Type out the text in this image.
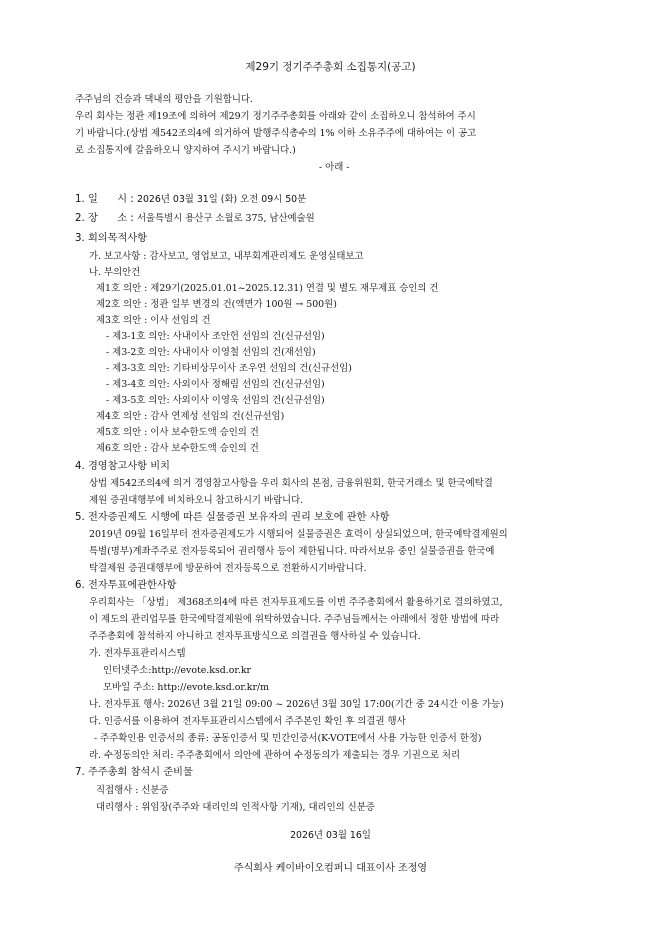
제29기 정기주주총회 소집통지(공고)
주주님의 건승과 댁내의 평안을 기원합니다.
우리 회사는 정관 제19조에 의하여 제29기 정기주주총회를 아래와 같이 소집하오니 참석하여 주시
기 바랍니다.(상법 제542조의4에 의거하여 발행주식총수의 1% 이하 소유주주에 대하여는 이 공고
로 소집통지에 갈음하오니 양지하여 주시기 바랍니다.)
- 아래 -
1. 일      시 : 2026년 03월 31일 (화) 오전 09시 50분
2. 장      소 : 서울특별시 용산구 소월로 375, 남산예술원
3. 회의목적사항
가. 보고사항 : 감사보고, 영업보고, 내부회계관리제도 운영실태보고
나. 부의안건
제1호 의안 : 제29기(2025.01.01~2025.12.31) 연결 및 별도 재무제표 승인의 건
제2호 의안 : 정관 일부 변경의 건(액면가 100원 → 500원)
제3호 의안 : 이사 선임의 건
- 제3-1호 의안: 사내이사 조안헌 선임의 건(신규선임)
- 제3-2호 의안: 사내이사 이영철 선임의 건(재선임)
- 제3-3호 의안: 기타비상무이사 조우연 선임의 건(신규선임)
- 제3-4호 의안: 사외이사 정해림 선임의 건(신규선임)
- 제3-5호 의안: 사외이사 이영욱 선임의 건(신규선임)
제4호 의안 : 감사 연제성 선임의 건(신규선임)
제5호 의안 : 이사 보수한도액 승인의 건
제6호 의안 : 감사 보수한도액 승인의 건
4. 경영참고사항 비치
상법 제542조의4에 의거 경영참고사항을 우리 회사의 본점, 금융위원회, 한국거래소 및 한국예탁결
제원 증권대행부에 비치하오니 참고하시기 바랍니다.
5. 전자증권제도 시행에 따른 실물증권 보유자의 권리 보호에 관한 사항
2019년 09월 16일부터 전자증권제도가 시행되어 실물증권은 효력이 상실되었으며, 한국예탁결제원의
특별(명부)계좌주주로 전자등록되어 권리행사 등이 제한됩니다. 따라서보유 중인 실물증권을 한국예
탁결제원 증권대행부에 방문하여 전자등록으로 전환하시기바랍니다.
6. 전자투표에관한사항
우리회사는 「상법」 제368조의4에 따른 전자투표제도를 이번 주주총회에서 활용하기로 결의하였고,
이 제도의 관리업무를 한국예탁결제원에 위탁하였습니다. 주주님들께서는 아래에서 정한 방법에 따라
주주총회에 참석하지 아니하고 전자투표방식으로 의결권을 행사하실 수 있습니다.
가. 전자투표관리시스템
인터넷주소:http://evote.ksd.or.kr
모바일 주소: http://evote.ksd.or.kr/m
나. 전자투표 행사: 2026년 3월 21일 09:00 ~ 2026년 3월 30일 17:00(기간 중 24시간 이용 가능)
다. 인증서를 이용하여 전자투표관리시스템에서 주주본인 확인 후 의결권 행사
- 주주확인용 인증서의 종류: 공동인증서 및 민간인증서(K-VOTE에서 사용 가능한 인증서 한정)
라. 수정동의안 처리: 주주총회에서 의안에 관하여 수정동의가 제출되는 경우 기권으로 처리
7. 주주총회 참석시 준비물
직접행사 : 신분증
대리행사 : 위임장(주주와 대리인의 인적사항 기재), 대리인의 신분증
2026년 03월 16일
주식회사 케이바이오컴퍼니 대표이사 조정영
